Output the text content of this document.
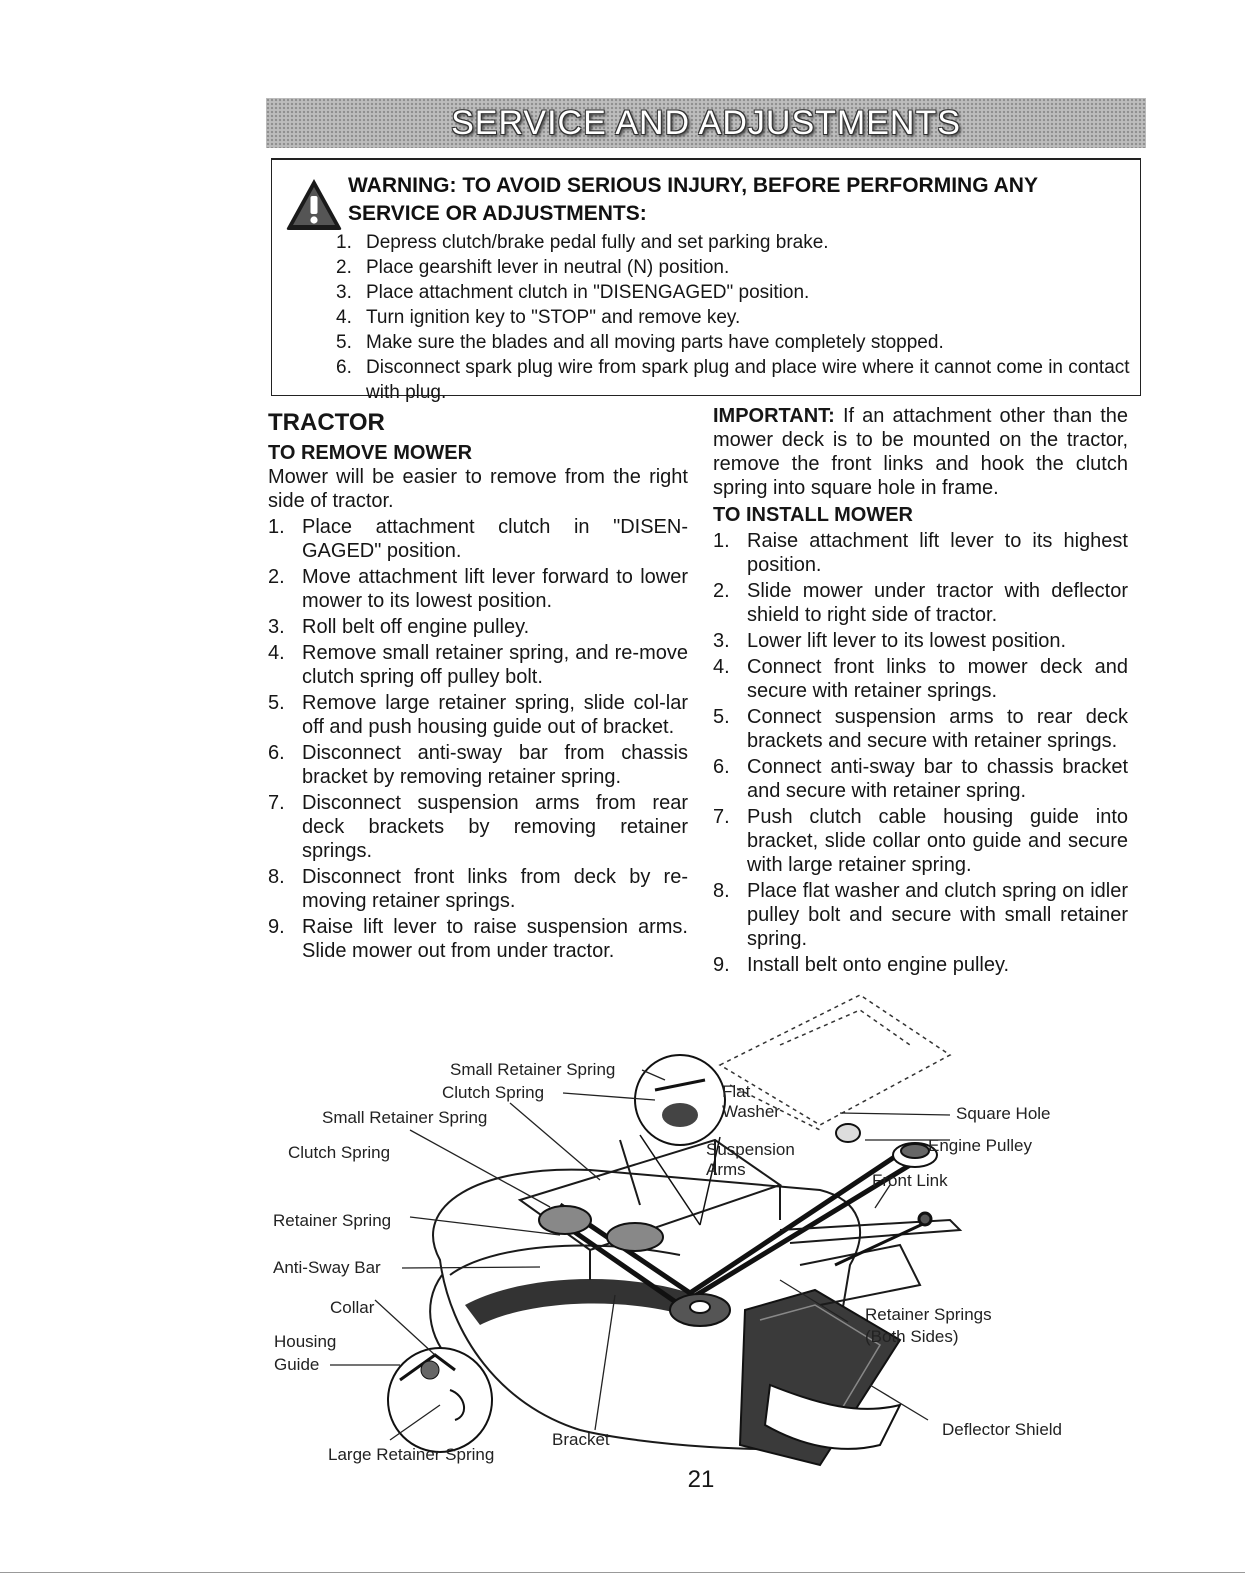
SERVICE AND ADJUSTMENTS
WARNING: TO AVOID SERIOUS INJURY, BEFORE PERFORMING ANY
SERVICE OR ADJUSTMENTS:
1. Depress clutch/brake pedal fully and set parking brake.
2. Place gearshift lever in neutral (N) position.
3. Place attachment clutch in "DISENGAGED" position.
4. Turn ignition key to "STOP" and remove key.
5. Make sure the blades and all moving parts have completely stopped.
6. Disconnect spark plug wire from spark plug and place wire where it cannot come in contact with plug.
TRACTOR
TO REMOVE MOWER
Mower will be easier to remove from the right side of tractor.
1. Place attachment clutch in "DISEN-GAGED" position.
2. Move attachment lift lever forward to lower mower to its lowest position.
3. Roll belt off engine pulley.
4. Remove small retainer spring, and re-move clutch spring off pulley bolt.
5. Remove large retainer spring, slide col-lar off and push housing guide out of bracket.
6. Disconnect anti-sway bar from chassis bracket by removing retainer spring.
7. Disconnect suspension arms from rear deck brackets by removing retainer springs.
8. Disconnect front links from deck by re-moving retainer springs.
9. Raise lift lever to raise suspension arms. Slide mower out from under tractor.
IMPORTANT: If an attachment other than the mower deck is to be mounted on the tractor, remove the front links and hook the clutch spring into square hole in frame.
TO INSTALL MOWER
1. Raise attachment lift lever to its highest position.
2. Slide mower under tractor with deflector shield to right side of tractor.
3. Lower lift lever to its lowest position.
4. Connect front links to mower deck and secure with retainer springs.
5. Connect suspension arms to rear deck brackets and secure with retainer springs.
6. Connect anti-sway bar to chassis bracket and secure with retainer spring.
7. Push clutch cable housing guide into bracket, slide collar onto guide and secure with large retainer spring.
8. Place flat washer and clutch spring on idler pulley bolt and secure with small retainer spring.
9. Install belt onto engine pulley.
Small Retainer Spring
Clutch Spring
Small Retainer Spring
Clutch Spring
Retainer Spring
Anti-Sway Bar
Collar
Housing
Guide
Large Retainer Spring
Bracket
Flat
Washer
Suspension
Arms
Square Hole
Engine Pulley
Front Link
Retainer Springs
(Both Sides)
Deflector Shield
21
